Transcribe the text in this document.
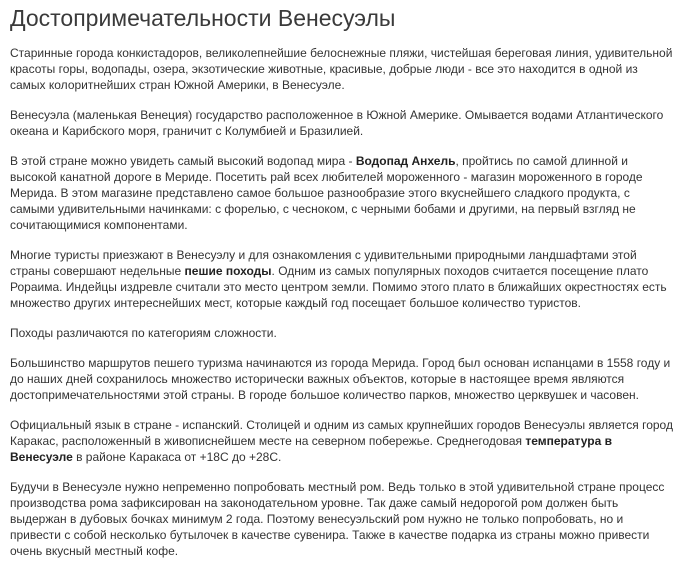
Достопримечательности Венесуэлы

Старинные города конкистадоров, великолепнейшие белоснежные пляжи, чистейшая береговая линия, удивительной красоты горы, водопады, озера, экзотические животные, красивые, добрые люди - все это находится в одной из самых колоритнейших стран Южной Америки, в Венесуэле.

Венесуэла (маленькая Венеция) государство расположенное в Южной Америке. Омывается водами Атлантического океана и Карибского моря, граничит с Колумбией и Бразилией.

В этой стране можно увидеть самый высокий водопад мира - Водопад Анхель, пройтись по самой длинной и высокой канатной дороге в Мериде. Посетить рай всех любителей мороженного - магазин мороженного в городе Мерида. В этом магазине представлено самое большое разнообразие этого вкуснейшего сладкого продукта, с самыми удивительными начинками: с форелью, с чесноком, с черными бобами и другими, на первый взгляд не сочитающимися компонентами.

Многие туристы приезжают в Венесуэлу и для ознакомления с удивительными природными ландшафтами этой страны совершают недельные пешие походы. Одним из самых популярных походов считается посещение плато Рораима. Индейцы издревле считали это место центром земли. Помимо этого плато в ближайших окрестностях есть множество других интереснейших мест, которые каждый год посещает большое количество туристов.

Походы различаются по категориям сложности.

Большинство маршрутов пешего туризма начинаются из города Мерида. Город был основан испанцами в 1558 году и до наших дней сохранилось множество исторически важных объектов, которые в настоящее время являются достопримечательностями этой страны. В городе большое количество парков, множество церквушек и часовен.

Официальный язык в стране - испанский. Столицей и одним из самых крупнейших городов Венесуэлы является город Каракас, расположенный в живописнейшем месте на северном побережье. Среднегодовая температура в Венесуэле в районе Каракаса от +18С до +28С.

Будучи в Венесуэле нужно непременно попробовать местный ром. Ведь только в этой удивительной стране процесс производства рома зафиксирован на законодательном уровне. Так даже самый недорогой ром должен быть выдержан в дубовых бочках минимум 2 года. Поэтому венесуэльский ром нужно не только попробовать, но и привести с собой несколько бутылочек в качестве сувенира. Также в качестве подарка из страны можно привести очень вкусный местный кофе.
